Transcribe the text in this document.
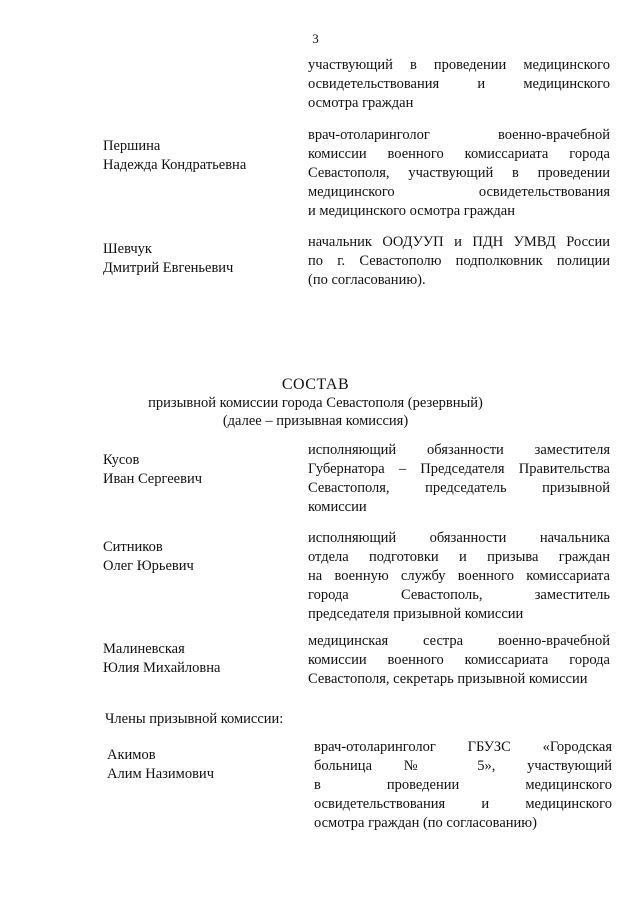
3
участвующий в проведении медицинского
освидетельствования и медицинского
осмотра граждан
Першина
Надежда Кондратьевна
врач-отоларинголог военно-врачебной
комиссии военного комиссариата города
Севастополя, участвующий в проведении
медицинского освидетельствования
и медицинского осмотра граждан
Шевчук
Дмитрий Евгеньевич
начальник ООДУУП и ПДН УМВД России
по г. Севастополю подполковник полиции
(по согласованию).
СОСТАВ
призывной комиссии города Севастополя (резервный)
(далее – призывная комиссия)
Кусов
Иван Сергеевич
исполняющий обязанности заместителя
Губернатора – Председателя Правительства
Севастополя, председатель призывной
комиссии
Ситников
Олег Юрьевич
исполняющий обязанности начальника
отдела подготовки и призыва граждан
на военную службу военного комиссариата
города Севастополь, заместитель
председателя призывной комиссии
Малиневская
Юлия Михайловна
медицинская сестра военно-врачебной
комиссии военного комиссариата города
Севастополя, секретарь призывной комиссии
Члены призывной комиссии:
Акимов
Алим Назимович
врач-отоларинголог ГБУЗС «Городская
больница № 5», участвующий
в проведении медицинского
освидетельствования и медицинского
осмотра граждан (по согласованию)
